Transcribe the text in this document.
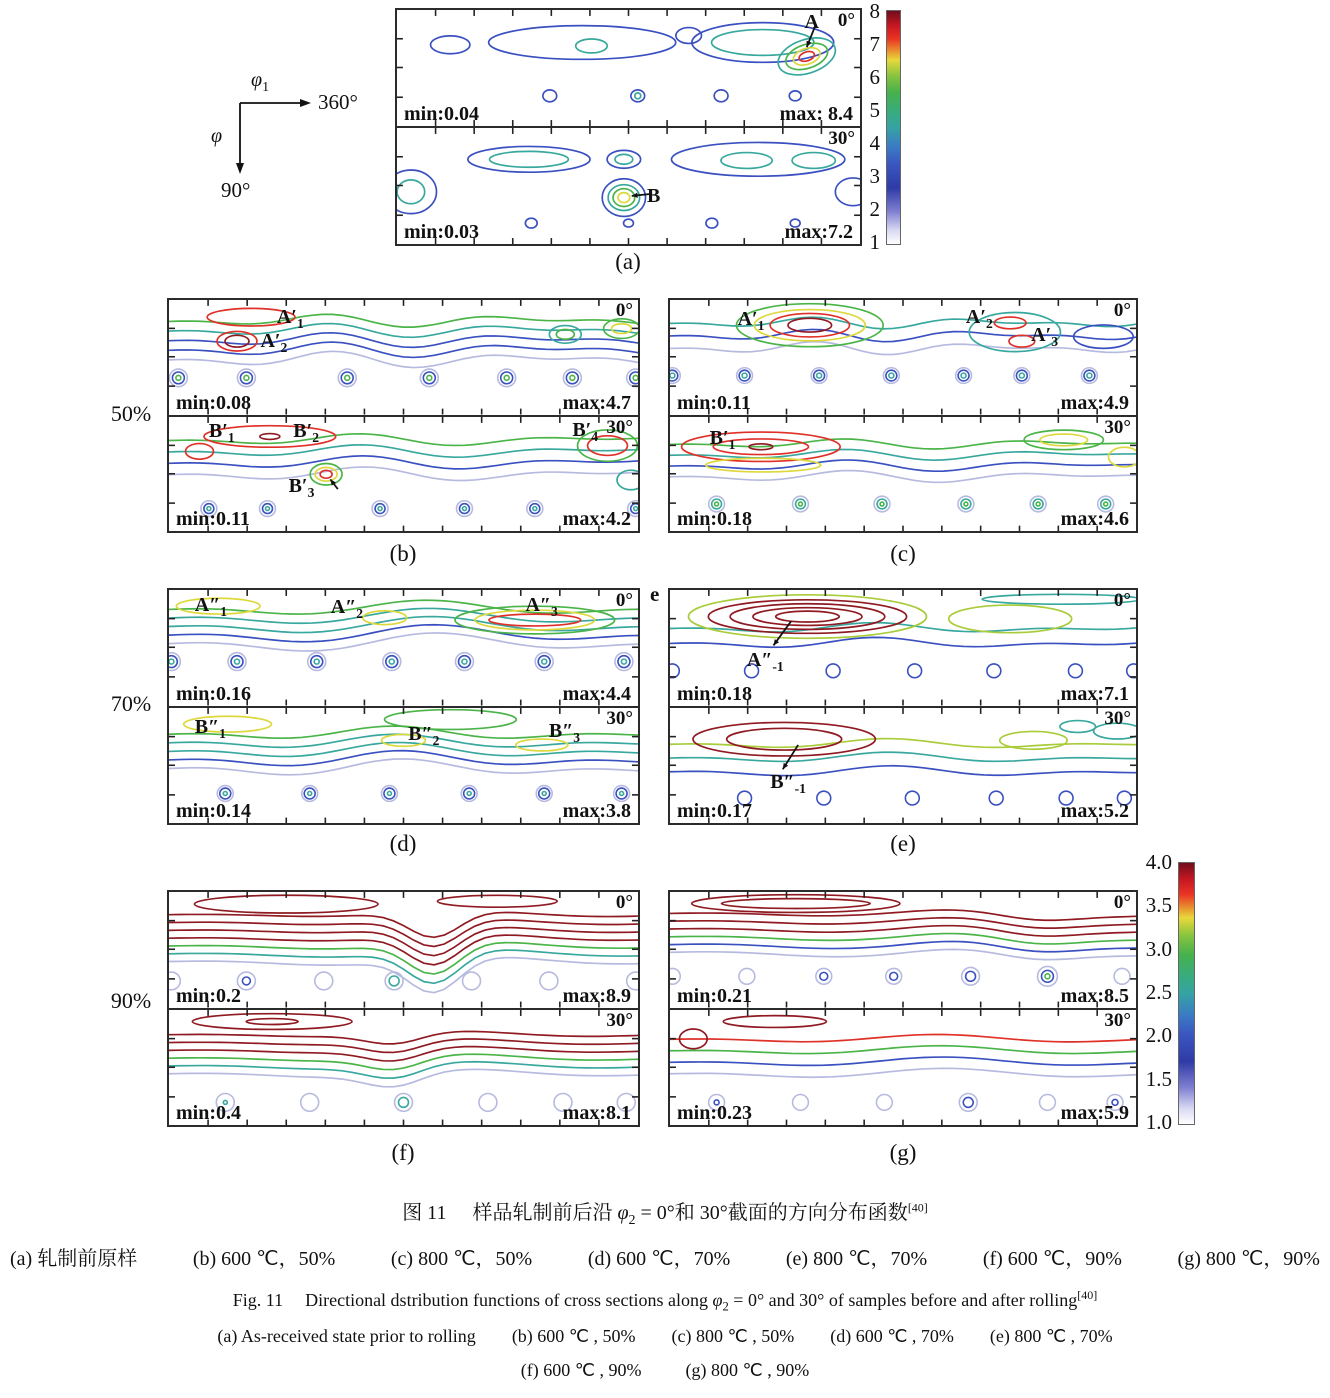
$\varphi_1$
360°
φ
90°
0°
A
min:0.04	max: 8.4
30°
B
min:0.03	max:7.2
(a)
8
7
6
5
4
3
2
1
50%
0°
$A'_1$
$A'_2$
min:0.08	max:4.7
30°
$B'_1$	$B'_2$
$B'_3$
$B'_4$
min:0.11	max:4.2
(b)
0°
$A'_1$	$A'_2$
$A'_3$
min:0.11	max:4.9
30°
$B'_1$
min:0.18	max:4.6
(c)
70%
0°
$A''_1$	$A''_2$	$A''_3$
min:0.16	max:4.4
30°
$B''_1$	$B''_2$	$B''_3$
min:0.14	max:3.8
(d)
e	0°
$A''_{-1}$
min:0.18	max:7.1
30°
$B''_{-1}$
min:0.17	max:5.2
(e)
90%
0°
min:0.2	max:8.9
30°
min:0.4	max:8.1
(f)
0°
min:0.21	max:8.5
30°
min:0.23	max:5.9
(g)
4.0
3.5
3.0
2.5
2.0
1.5
1.0
图 11 样品轧制前后沿 $\varphi_2 = 0^\circ$和 30°截面的方向分布函数[40]
(a) 轧制前原样	(b) 600 ℃，50%	(c) 800 ℃，50%	(d) 600 ℃，70%	(e) 800 ℃，70%	(f) 600 ℃，90%	(g) 800 ℃，90%
Fig. 11 Directional dstribution functions of cross sections along $\varphi_2 = 0^\circ$ and 30° of samples before and after rolling[40]
(a) As-received state prior to rolling (b) 600 ℃ , 50% (c) 800 ℃ , 50% (d) 600 ℃ , 70% (e) 800 ℃ , 70%
(f) 600 ℃ , 90% (g) 800 ℃ , 90%
